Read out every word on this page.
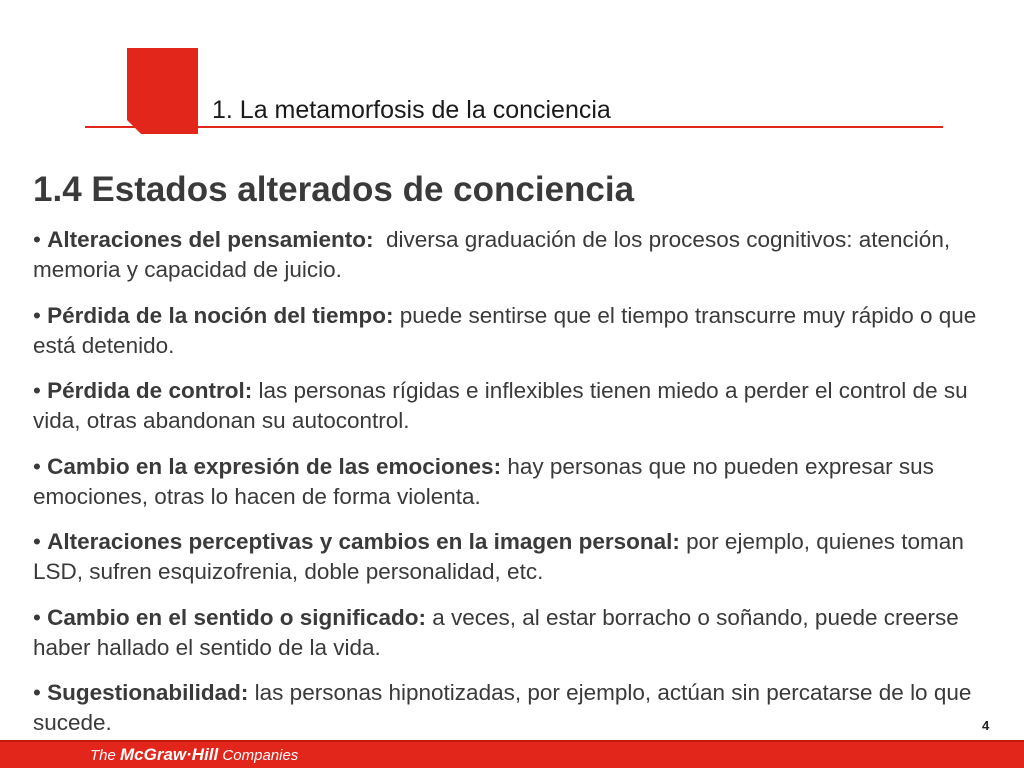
1. La metamorfosis de la conciencia
1.4 Estados alterados de conciencia
• Alteraciones del pensamiento:  diversa graduación de los procesos cognitivos: atención, memoria y capacidad de juicio.
• Pérdida de la noción del tiempo: puede sentirse que el tiempo transcurre muy rápido o que está detenido.
• Pérdida de control: las personas rígidas e inflexibles tienen miedo a perder el control de su vida, otras abandonan su autocontrol.
• Cambio en la expresión de las emociones: hay personas que no pueden expresar sus emociones, otras lo hacen de forma violenta.
• Alteraciones perceptivas y cambios en la imagen personal: por ejemplo, quienes toman LSD, sufren esquizofrenia, doble personalidad, etc.
• Cambio en el sentido o significado: a veces, al estar borracho o soñando, puede creerse haber hallado el sentido de la vida.
• Sugestionabilidad: las personas hipnotizadas, por ejemplo, actúan sin percatarse de lo que sucede.	4
The McGraw·Hill Companies
